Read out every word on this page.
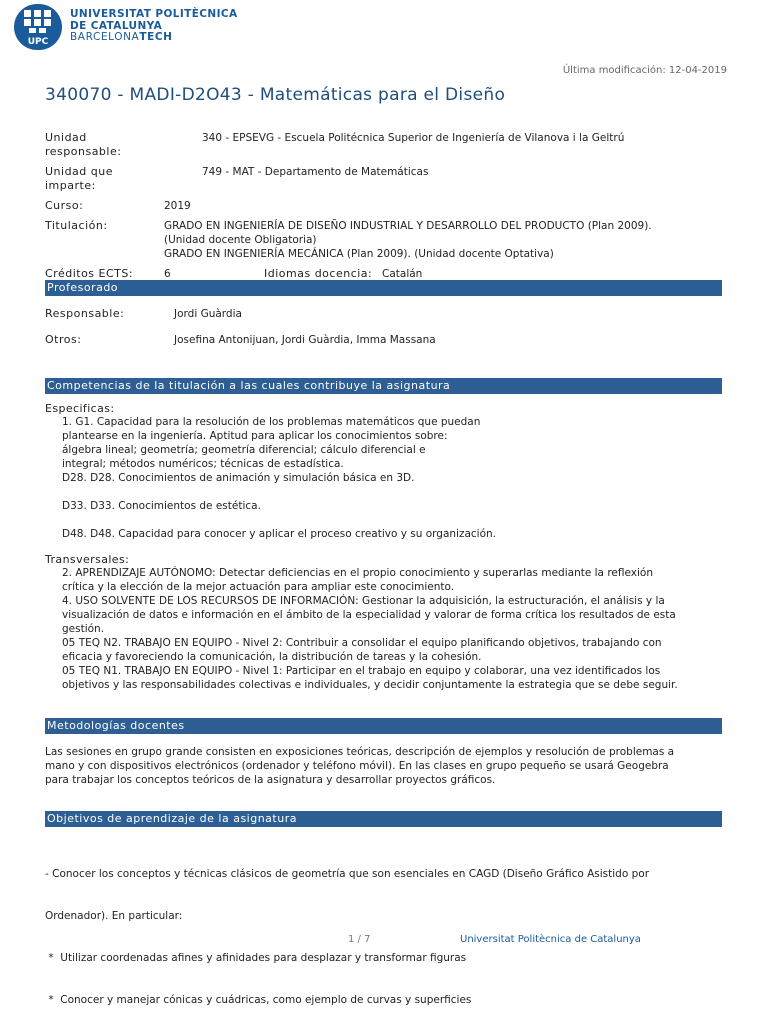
UPC
UNIVERSITAT POLITÈCNICA
DE CATALUNYA
BARCELONATECH
Última modificación: 12-04-2019
340070 - MADI-D2O43 - Matemáticas para el Diseño
Unidad responsable:
340 - EPSEVG - Escuela Politécnica Superior de Ingeniería de Vilanova i la Geltrú
Unidad que imparte:
749 - MAT - Departamento de Matemáticas
Curso:	2019
Titulación:	GRADO EN INGENIERÍA DE DISEÑO INDUSTRIAL Y DESARROLLO DEL PRODUCTO (Plan 2009).
(Unidad docente Obligatoria)
GRADO EN INGENIERÍA MECÁNICA (Plan 2009). (Unidad docente Optativa)
Créditos ECTS:	6	Idiomas docencia: Catalán
Profesorado
Responsable:	Jordi Guàrdia
Otros:	Josefina Antonijuan, Jordi Guàrdia, Imma Massana
Competencias de la titulación a las cuales contribuye la asignatura
Especificas:
1. G1. Capacidad para la resolución de los problemas matemáticos que puedan
plantearse en la ingeniería. Aptitud para aplicar los conocimientos sobre:
álgebra lineal; geometría; geometría diferencial; cálculo diferencial e
integral; métodos numéricos; técnicas de estadística.
D28. D28. Conocimientos de animación y simulación básica en 3D.
D33. D33. Conocimientos de estética.
D48. D48. Capacidad para conocer y aplicar el proceso creativo y su organización.
Transversales:
2. APRENDIZAJE AUTÓNOMO: Detectar deficiencias en el propio conocimiento y superarlas mediante la reflexión
crítica y la elección de la mejor actuación para ampliar este conocimiento.
4. USO SOLVENTE DE LOS RECURSOS DE INFORMACIÓN: Gestionar la adquisición, la estructuración, el análisis y la
visualización de datos e información en el ámbito de la especialidad y valorar de forma crítica los resultados de esta
gestión.
05 TEQ N2. TRABAJO EN EQUIPO - Nivel 2: Contribuir a consolidar el equipo planificando objetivos, trabajando con
eficacia y favoreciendo la comunicación, la distribución de tareas y la cohesión.
05 TEQ N1. TRABAJO EN EQUIPO - Nivel 1: Participar en el trabajo en equipo y colaborar, una vez identificados los
objetivos y las responsabilidades colectivas e individuales, y decidir conjuntamente la estrategia que se debe seguir.
Metodologías docentes
Las sesiones en grupo grande consisten en exposiciones teóricas, descripción de ejemplos y resolución de problemas a
mano y con dispositivos electrónicos (ordenador y teléfono móvil). En las clases en grupo pequeño se usará Geogebra
para trabajar los conceptos teóricos de la asignatura y desarrollar proyectos gráficos.
Objetivos de aprendizaje de la asignatura

- Conocer los conceptos y técnicas clásicos de geometría que son esenciales en CAGD (Diseño Gráfico Asistido por

Ordenador). En particular:

*  Utilizar coordenadas afines y afinidades para desplazar y transformar figuras

*  Conocer y manejar cónicas y cuádricas, como ejemplo de curvas y superficies

1 / 7	Universitat Politècnica de Catalunya
